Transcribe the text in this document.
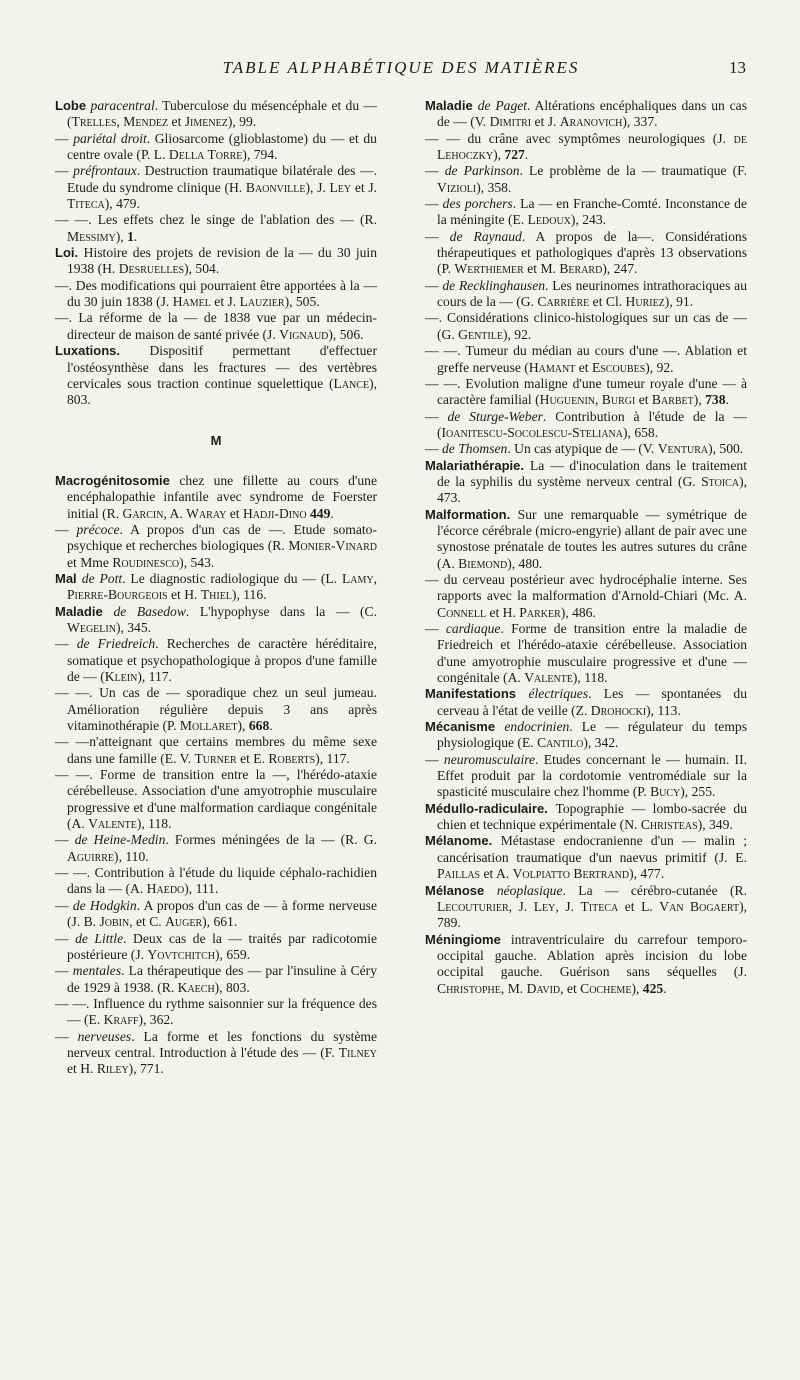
TABLE ALPHABÉTIQUE DES MATIÈRES	13

Lobe paracentral. Tuberculose du mésencéphale et du — (Trelles, Mendez et Jimenez), 99.

— pariétal droit. Gliosarcome (glioblastome) du — et du centre ovale (P. L. Della Torre), 794.

— préfrontaux. Destruction traumatique bilatérale des —. Etude du syndrome clinique (H. Baonville), J. Ley et J. Titeca), 479.

— —. Les effets chez le singe de l'ablation des — (R. Messimy), 1.

Loi. Histoire des projets de revision de la — du 30 juin 1938 (H. Desruelles), 504.

—. Des modifications qui pourraient être apportées à la — du 30 juin 1838 (J. Hamel et J. Lauzier), 505.

—. La réforme de la — de 1838 vue par un médecin-directeur de maison de santé privée (J. Vignaud), 506.

Luxations. Dispositif permettant d'effectuer l'ostéosynthèse dans les fractures — des vertèbres cervicales sous traction continue squelettique (Lance), 803.

M

Macrogénitosomie chez une fillette au cours d'une encéphalopathie infantile avec syndrome de Foerster initial (R. Garcin, A. Waray et Hadji-Dino 449.

— précoce. A propos d'un cas de —. Etude somato-psychique et recherches biologiques (R. Monier-Vinard et Mme Roudinesco), 543.

Mal de Pott. Le diagnostic radiologique du — (L. Lamy, Pierre-Bourgeois et H. Thiel), 116.

Maladie de Basedow. L'hypophyse dans la — (C. Wegelin), 345.

— de Friedreich. Recherches de caractère héréditaire, somatique et psychopathologique à propos d'une famille de — (Klein), 117.

— —. Un cas de — sporadique chez un seul jumeau. Amélioration régulière depuis 3 ans après vitaminothérapie (P. Mollaret), 668.

— —n'atteignant que certains membres du même sexe dans une famille (E. V. Turner et E. Roberts), 117.

— —. Forme de transition entre la —, l'hérédo-ataxie cérébelleuse. Association d'une amyotrophie musculaire progressive et d'une malformation cardiaque congénitale (A. Valente), 118.

— de Heine-Medin. Formes méningées de la — (R. G. Aguirre), 110.

— —. Contribution à l'étude du liquide céphalo-rachidien dans la — (A. Haedo), 111.

— de Hodgkin. A propos d'un cas de — à forme nerveuse (J. B. Jobin, et C. Auger), 661.

— de Little. Deux cas de la — traités par radicotomie postérieure (J. Yovtchitch), 659.

— mentales. La thérapeutique des — par l'insuline à Céry de 1929 à 1938. (R. Kaech), 803.

— —. Influence du rythme saisonnier sur la fréquence des — (E. Kraff), 362.

— nerveuses. La forme et les fonctions du système nerveux central. Introduction à l'étude des — (F. Tilney et H. Riley), 771.

Maladie de Paget. Altérations encéphaliques dans un cas de — (V. Dimitri et J. Aranovich), 337.

— — du crâne avec symptômes neurologiques (J. de Lehoczky), 727.

— de Parkinson. Le problème de la — traumatique (F. Vizioli), 358.

— des porchers. La — en Franche-Comté. Inconstance de la méningite (E. Ledoux), 243.

— de Raynaud. A propos de la—. Considérations thérapeutiques et pathologiques d'après 13 observations (P. Werthiemer et M. Berard), 247.

— de Recklinghausen. Les neurinomes intrathoraciques au cours de la — (G. Carrière et Cl. Huriez), 91.

—. Considérations clinico-histologiques sur un cas de — (G. Gentile), 92.

— —. Tumeur du médian au cours d'une —. Ablation et greffe nerveuse (Hamant et Escoubes), 92.

— —. Evolution maligne d'une tumeur royale d'une — à caractère familial (Huguenin, Burgi et Barbet), 738.

— de Sturge-Weber. Contribution à l'étude de la — (Ioanitescu-Socolescu-Steliana), 658.

— de Thomsen. Un cas atypique de — (V. Ventura), 500.

Malariathérapie. La — d'inoculation dans le traitement de la syphilis du système nerveux central (G. Stoica), 473.

Malformation. Sur une remarquable — symétrique de l'écorce cérébrale (micro-engyrie) allant de pair avec une synostose prénatale de toutes les autres sutures du crâne (A. Biemond), 480.

— du cerveau postérieur avec hydrocéphalie interne. Ses rapports avec la malformation d'Arnold-Chiari (Mc. A. Connell et H. Parker), 486.

— cardiaque. Forme de transition entre la maladie de Friedreich et l'hérédo-ataxie cérébelleuse. Association d'une amyotrophie musculaire progressive et d'une — congénitale (A. Valente), 118.

Manifestations électriques. Les — spontanées du cerveau à l'état de veille (Z. Drohocki), 113.

Mécanisme endocrinien. Le — régulateur du temps physiologique (E. Cantilo), 342.

— neuromusculaire. Etudes concernant le — humain. II. Effet produit par la cordotomie ventromédiale sur la spasticité musculaire chez l'homme (P. Bucy), 255.

Médullo-radiculaire. Topographie — lombo-sacrée du chien et technique expérimentale (N. Christeas), 349.

Mélanome. Métastase endocranienne d'un — malin ; cancérisation traumatique d'un naevus primitif (J. E. Paillas et A. Volpiatto Bertrand), 477.

Mélanose néoplasique. La — cérébro-cutanée (R. Lecouturier, J. Ley, J. Titeca et L. Van Bogaert), 789.

Méningiome intraventriculaire du carrefour temporo-occipital gauche. Ablation après incision du lobe occipital gauche. Guérison sans séquelles (J. Christophe, M. David, et Cocheme), 425.
